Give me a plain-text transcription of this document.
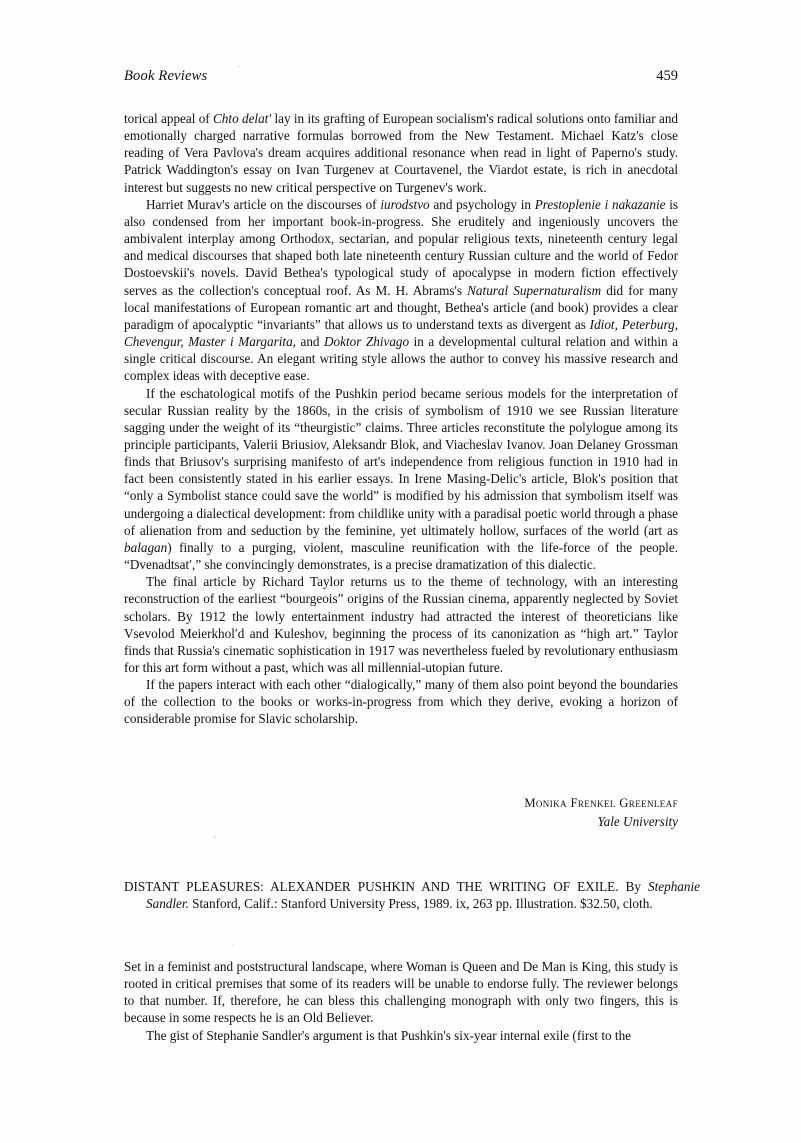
Book Reviews	459

torical appeal of Chto delat' lay in its grafting of European socialism's radical solutions onto familiar and emotionally charged narrative formulas borrowed from the New Testament. Michael Katz's close reading of Vera Pavlova's dream acquires additional resonance when read in light of Paperno's study. Patrick Waddington's essay on Ivan Turgenev at Courtavenel, the Viardot estate, is rich in anecdotal interest but suggests no new critical perspective on Turgenev's work.

Harriet Murav's article on the discourses of iurodstvo and psychology in Prestoplenie i nakazanie is also condensed from her important book-in-progress. She eruditely and ingeniously uncovers the ambivalent interplay among Orthodox, sectarian, and popular religious texts, nineteenth century legal and medical discourses that shaped both late nineteenth century Russian culture and the world of Fedor Dostoevskii's novels. David Bethea's typological study of apocalypse in modern fiction effectively serves as the collection's conceptual roof. As M. H. Abrams's Natural Supernaturalism did for many local manifestations of European romantic art and thought, Bethea's article (and book) provides a clear paradigm of apocalyptic “invariants” that allows us to understand texts as divergent as Idiot, Peterburg, Chevengur, Master i Margarita, and Doktor Zhivago in a developmental cultural relation and within a single critical discourse. An elegant writing style allows the author to convey his massive research and complex ideas with deceptive ease.

If the eschatological motifs of the Pushkin period became serious models for the interpretation of secular Russian reality by the 1860s, in the crisis of symbolism of 1910 we see Russian literature sagging under the weight of its “theurgistic” claims. Three articles reconstitute the polylogue among its principle participants, Valerii Briusiov, Aleksandr Blok, and Viacheslav Ivanov. Joan Delaney Grossman finds that Briusov's surprising manifesto of art's independence from religious function in 1910 had in fact been consistently stated in his earlier essays. In Irene Masing-Delic's article, Blok's position that “only a Symbolist stance could save the world” is modified by his admission that symbolism itself was undergoing a dialectical development: from childlike unity with a paradisal poetic world through a phase of alienation from and seduction by the feminine, yet ultimately hollow, surfaces of the world (art as balagan) finally to a purging, violent, masculine reunification with the life-force of the people. “Dvenadtsat′,” she convincingly demonstrates, is a precise dramatization of this dialectic.

The final article by Richard Taylor returns us to the theme of technology, with an interesting reconstruction of the earliest “bourgeois” origins of the Russian cinema, apparently neglected by Soviet scholars. By 1912 the lowly entertainment industry had attracted the interest of theoreticians like Vsevolod Meierkhol′d and Kuleshov, beginning the process of its canonization as “high art.” Taylor finds that Russia's cinematic sophistication in 1917 was nevertheless fueled by revolutionary enthusiasm for this art form without a past, which was all millennial-utopian future.

If the papers interact with each other “dialogically,” many of them also point beyond the boundaries of the collection to the books or works-in-progress from which they derive, evoking a horizon of considerable promise for Slavic scholarship.

Monika Frenkel Greenleaf
Yale University
DISTANT PLEASURES: ALEXANDER PUSHKIN AND THE WRITING OF EXILE. By Stephanie Sandler. Stanford, Calif.: Stanford University Press, 1989. ix, 263 pp. Illustration. $32.50, cloth.

Set in a feminist and poststructural landscape, where Woman is Queen and De Man is King, this study is rooted in critical premises that some of its readers will be unable to endorse fully. The reviewer belongs to that number. If, therefore, he can bless this challenging monograph with only two fingers, this is because in some respects he is an Old Believer.

The gist of Stephanie Sandler's argument is that Pushkin's six-year internal exile (first to the
